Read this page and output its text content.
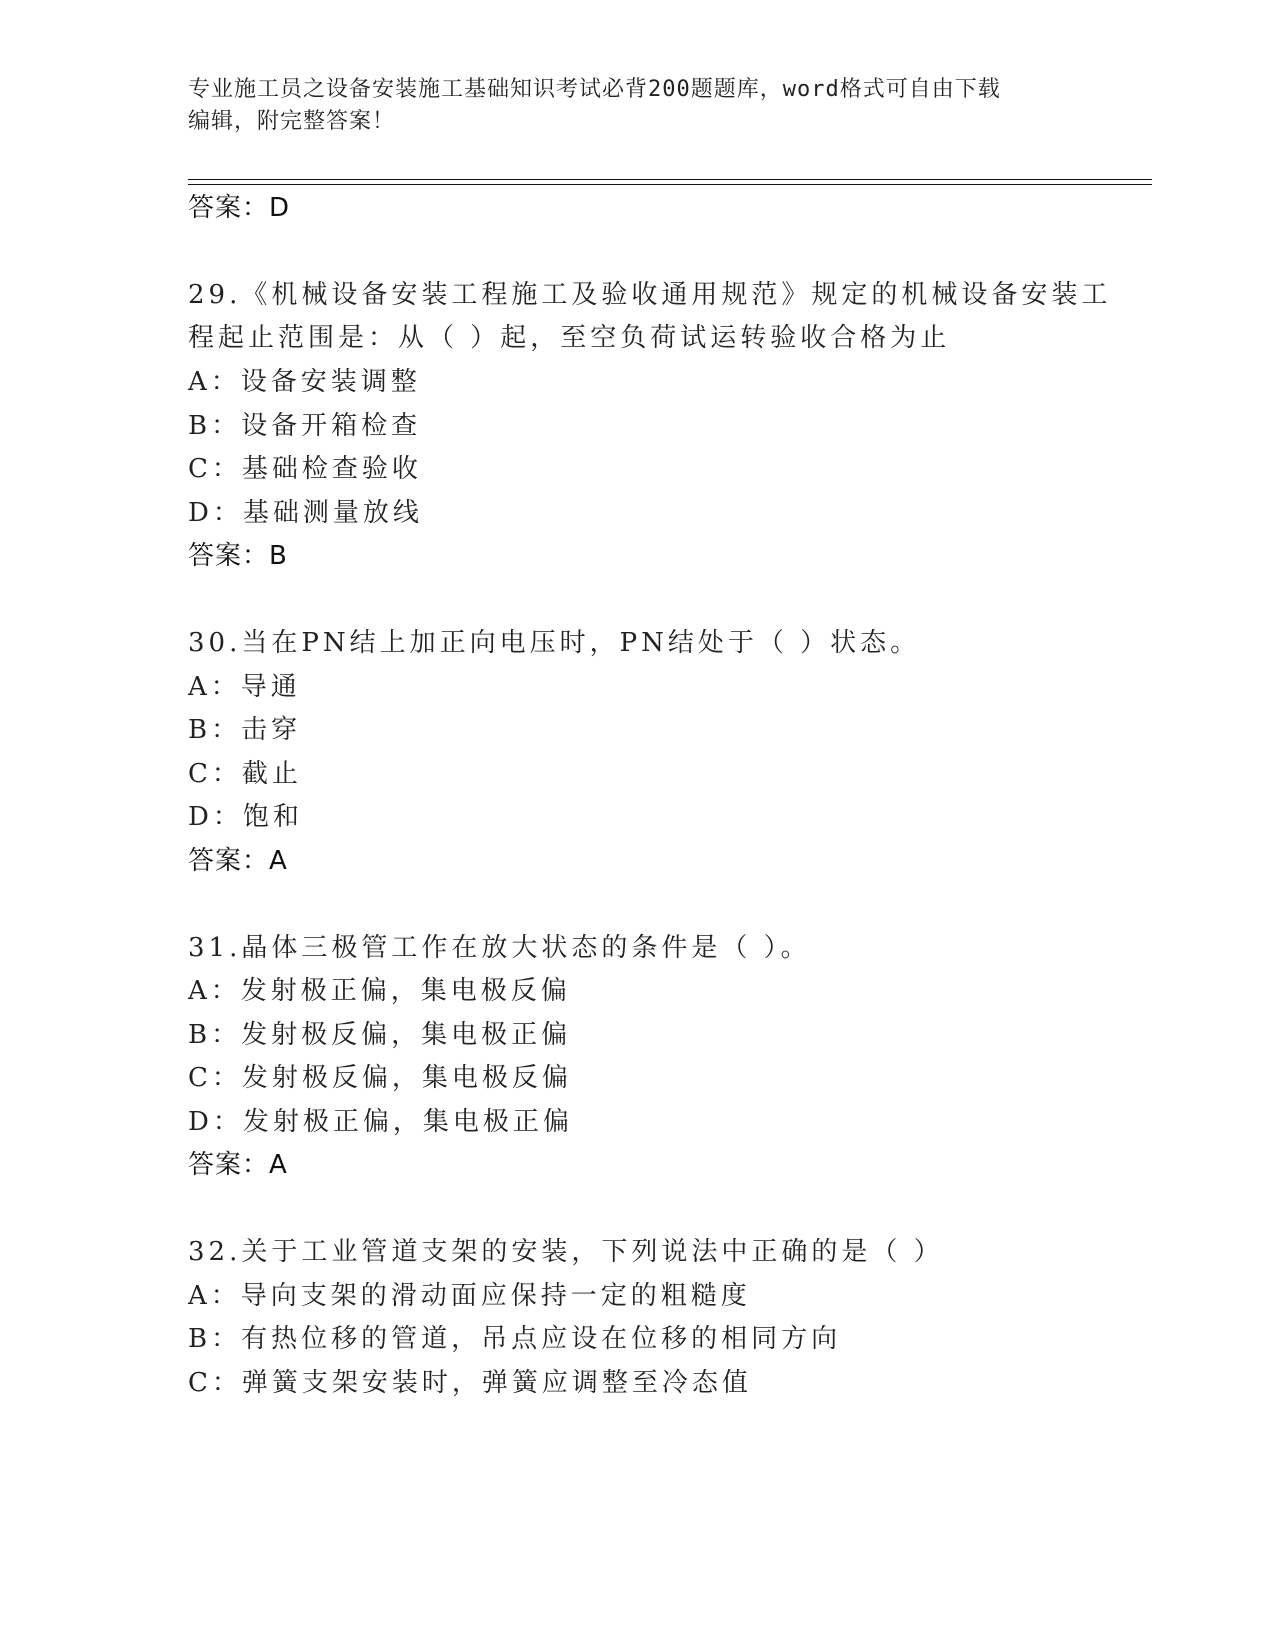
专业施工员之设备安装施工基础知识考试必背200题题库，word格式可自由下载
编辑，附完整答案！
答案：D
29.《机械设备安装工程施工及验收通用规范》规定的机械设备安装工
程起止范围是：从（ ）起，至空负荷试运转验收合格为止
A：设备安装调整
B：设备开箱检查
C：基础检查验收
D：基础测量放线
答案：B
30.当在PN结上加正向电压时，PN结处于（ ）状态。
A：导通
B：击穿
C：截止
D：饱和
答案：A
31.晶体三极管工作在放大状态的条件是（ ）。
A：发射极正偏，集电极反偏
B：发射极反偏，集电极正偏
C：发射极反偏，集电极反偏
D：发射极正偏，集电极正偏
答案：A
32.关于工业管道支架的安装，下列说法中正确的是（ ）
A：导向支架的滑动面应保持一定的粗糙度
B：有热位移的管道，吊点应设在位移的相同方向
C：弹簧支架安装时，弹簧应调整至冷态值
